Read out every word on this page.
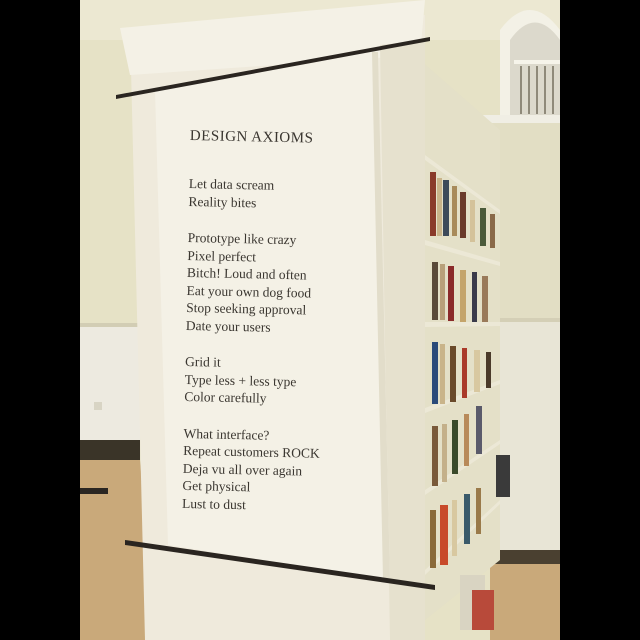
DESIGN AXIOMS
Let data scream
Reality bites
Prototype like crazy
Pixel perfect
Bitch! Loud and often
Eat your own dog food
Stop seeking approval
Date your users
Grid it
Type less + less type
Color carefully
What interface?
Repeat customers ROCK
Deja vu all over again
Get physical
Lust to dust
